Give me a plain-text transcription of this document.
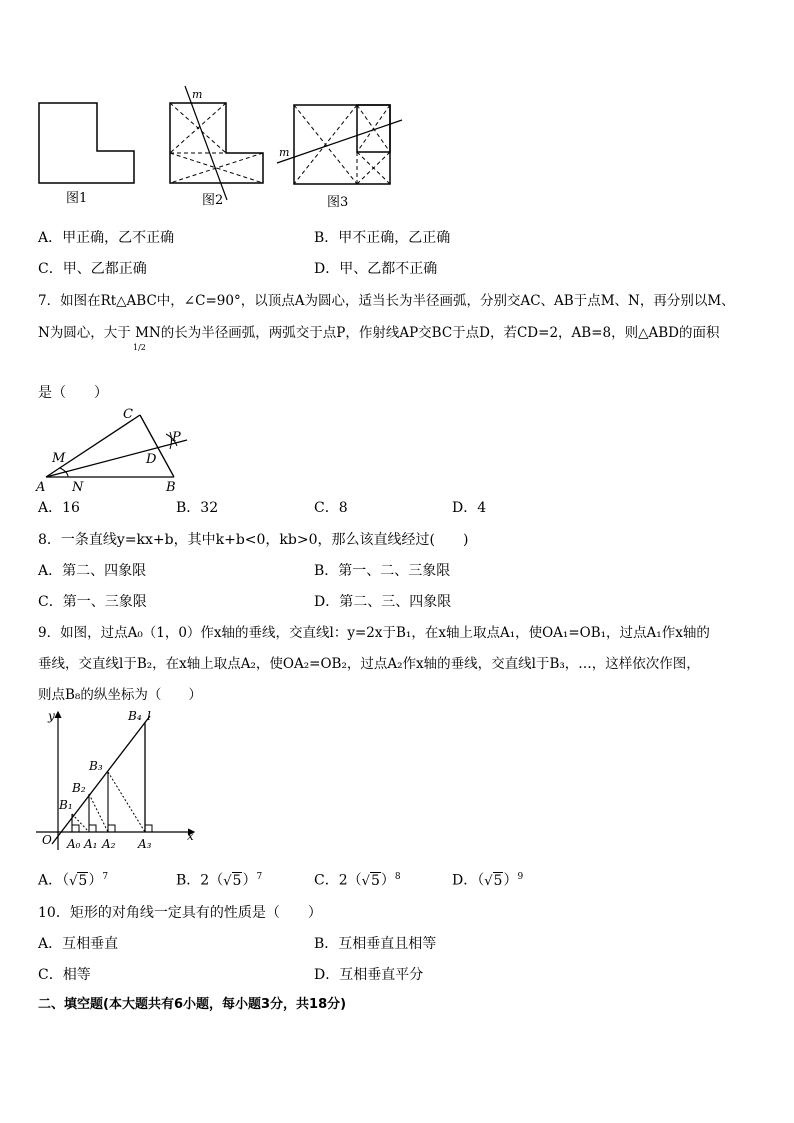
图1
m
图2
m
图3
A．甲正确，乙不正确	B．甲不正确，乙正确
C．甲、乙都正确	D．甲、乙都不正确
7．如图在Rt△ABC中，∠C=90°，以顶点A为圆心，适当长为半径画弧，分别交AC、AB于点M、N，再分别以M、
N为圆心，大于 MN的长为半径画弧，两弧交于点P，作射线AP交BC于点D，若CD=2，AB=8，则△ABD的面积
1/2
是（　　）
C
P
M	D
A N	B
A．16	B．32	C．8	D．4
8．一条直线y=kx+b，其中k+b<0，kb>0，那么该直线经过(　　)
A．第二、四象限	B．第一、二、三象限
C．第一、三象限	D．第二、三、四象限
9．如图，过点A₀（1，0）作x轴的垂线，交直线l：y=2x于B₁，在x轴上取点A₁，使OA₁=OB₁，过点A₁作x轴的
垂线，交直线l于B₂，在x轴上取点A₂，使OA₂=OB₂，过点A₂作x轴的垂线，交直线l于B₃，…，这样依次作图，
则点B₈的纵坐标为（　　）
y
x
O
l
B₄
B₃
B₂
B₁
A₀ A₁ A₂ A₃
A．$(√5)^7$	B．$2(√5)^7$	C．$2(√5)^8$	D．$(√5)^9$
10．矩形的对角线一定具有的性质是（　　）
A．互相垂直	B．互相垂直且相等
C．相等	D．互相垂直平分
二、填空题(本大题共有6小题，每小题3分，共18分)
